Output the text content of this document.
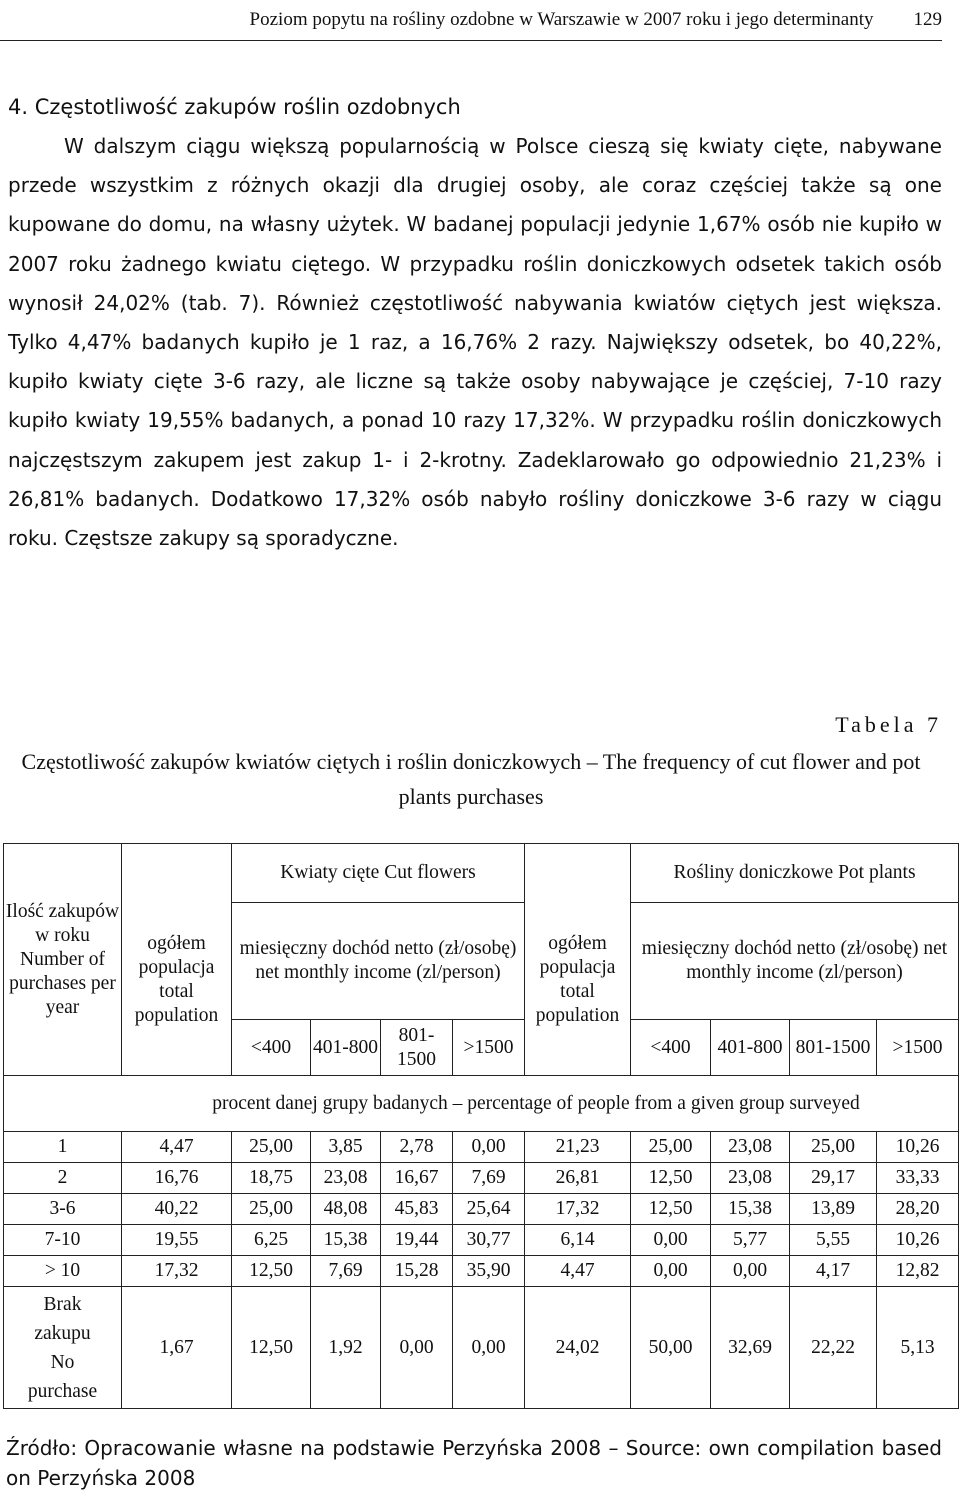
Poziom popytu na rośliny ozdobne w Warszawie w 2007 roku i jego determinanty 129
4. Częstotliwość zakupów roślin ozdobnych

W dalszym ciągu większą popularnością w Polsce cieszą się kwiaty cięte, nabywane przede wszystkim z różnych okazji dla drugiej osoby, ale coraz częściej także są one kupowane do domu, na własny użytek. W badanej populacji jedynie 1,67% osób nie kupiło w 2007 roku żadnego kwiatu ciętego. W przypadku roślin doniczkowych odsetek takich osób wynosił 24,02% (tab. 7). Również częstotliwość nabywania kwiatów ciętych jest większa. Tylko 4,47% badanych kupiło je 1 raz, a 16,76% 2 razy. Największy odsetek, bo 40,22%, kupiło kwiaty cięte 3-6 razy, ale liczne są także osoby nabywające je częściej, 7-10 razy kupiło kwiaty 19,55% badanych, a ponad 10 razy 17,32%. W przypadku roślin doniczkowych najczęstszym zakupem jest zakup 1- i 2-krotny. Zadeklarowało go odpowiednio 21,23% i 26,81% badanych. Dodatkowo 17,32% osób nabyło rośliny doniczkowe 3-6 razy w ciągu roku. Częstsze zakupy są sporadyczne.

Tabela 7

Częstotliwość zakupów kwiatów ciętych i roślin doniczkowych – The frequency of cut flower and pot plants purchases

Ilość zakupów w roku Number of purchases per year	ogółem populacja total population	Kwiaty cięte Cut flowers				ogółem populacja total population	Rośliny doniczkowe Pot plants			
		miesięczny dochód netto (zł/osobę) net monthly income (zl/person)					miesięczny dochód netto (zł/osobę) net monthly income (zl/person)			
		<400	401-800	801-1500	>1500		<400	401-800	801-1500	>1500
procent danej grupy badanych – percentage of people from a given group surveyed										
1	4,47	25,00	3,85	2,78	0,00	21,23	25,00	23,08	25,00	10,26
2	16,76	18,75	23,08	16,67	7,69	26,81	12,50	23,08	29,17	33,33
3-6	40,22	25,00	48,08	45,83	25,64	17,32	12,50	15,38	13,89	28,20
7-10	19,55	6,25	15,38	19,44	30,77	6,14	0,00	5,77	5,55	10,26
> 10	17,32	12,50	7,69	15,28	35,90	4,47	0,00	0,00	4,17	12,82
Brak zakupu No purchase	1,67	12,50	1,92	0,00	0,00	24,02	50,00	32,69	22,22	5,13

Źródło: Opracowanie własne na podstawie Perzyńska 2008 – Source: own compilation based on Perzyńska 2008
